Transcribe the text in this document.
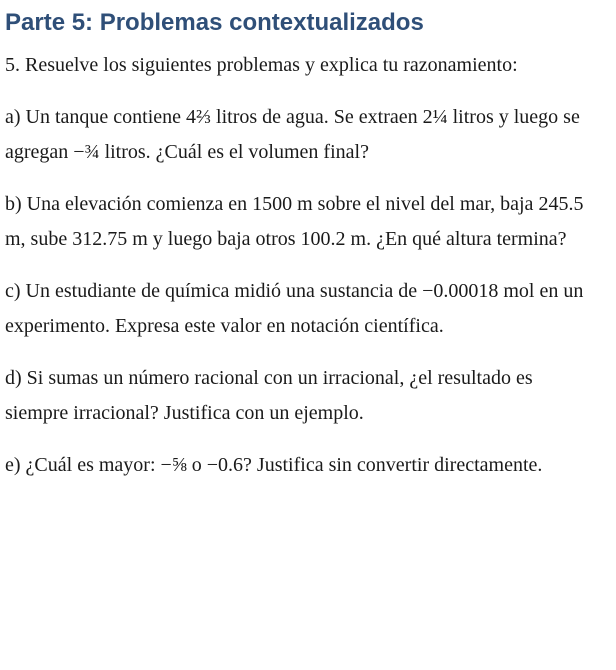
Parte 5: Problemas contextualizados

5. Resuelve los siguientes problemas y explica tu razonamiento:

a) Un tanque contiene 4⅔ litros de agua. Se extraen 2¼ litros y luego se agregan −¾ litros. ¿Cuál es el volumen final?

b) Una elevación comienza en 1500 m sobre el nivel del mar, baja 245.5 m, sube 312.75 m y luego baja otros 100.2 m. ¿En qué altura termina?

c) Un estudiante de química midió una sustancia de −0.00018 mol en un experimento. Expresa este valor en notación científica.

d) Si sumas un número racional con un irracional, ¿el resultado es siempre irracional? Justifica con un ejemplo.

e) ¿Cuál es mayor: −⅝ o −0.6? Justifica sin convertir directamente.
